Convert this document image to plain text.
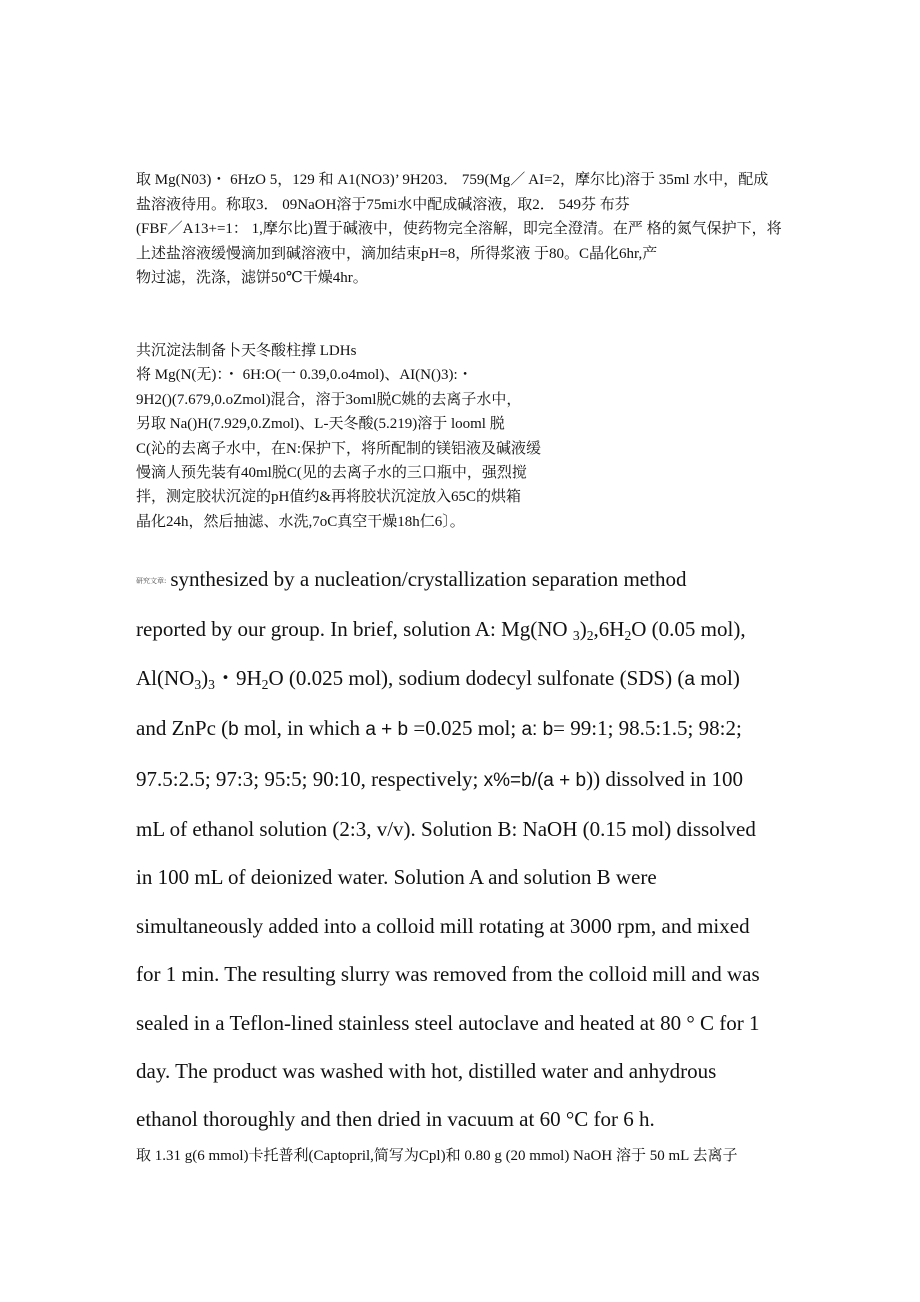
取 Mg(N03)・ 6HzO 5，129 和 A1(NO3)’ 9H203． 759(Mg／ AI=2，摩尔比)溶于 35ml 水中，配成盐溶液待用。称取3． 09NaOH溶于75mi水中配成碱溶液，取2． 549芬 布芬
(FBF／A13+=1： 1,摩尔比)置于碱液中，使药物完全溶解，即完全澄清。在严 格的氮气保护下，将上述盐溶液缓慢滴加到碱溶液中，滴加结束pH=8，所得浆液 于80。C晶化6hr,产
物过滤，洗涤，滤饼50℃干燥4hr。
共沉淀法制备卜天冬酸柱撑 LDHs
将 Mg(N(无)：・ 6H:O(一 0.39,0.o4mol)、AI(N()3):・
9H2()(7.679,0.oZmol)混合，溶于3oml脱C姚的去离子水中，
另取 Na()H(7.929,0.Zmol)、L-天冬酸(5.219)溶于 looml 脱
C(沁的去离子水中，在N:保护下，将所配制的镁铝液及碱液缓
慢滴人预先装有40ml脱C(见的去离子水的三口瓶中，强烈搅
拌，测定胶状沉淀的pH值约&再将胶状沉淀放入65C的烘箱
晶化24h，然后抽滤、水洗,7oC真空干燥18h仁6〕。
研究文章: synthesized by a nucleation/crystallization separation method
reported by our group. In brief, solution A: Mg(NO $_3)_2,6H_2O$ (0.05 mol),
$Al(NO_3)_3$・$9H_2O$ (0.025 mol), sodium dodecyl sulfonate (SDS) (a mol)
and ZnPc (b mol, in which a + b =0.025 mol; a: b= 99:1; 98.5:1.5; 98:2;
97.5:2.5; 97:3; 95:5; 90:10, respectively; x%=b/(a + b)) dissolved in 100
mL of ethanol solution (2:3, v/v). Solution B: NaOH (0.15 mol) dissolved
in 100 mL of deionized water. Solution A and solution B were
simultaneously added into a colloid mill rotating at 3000 rpm, and mixed
for 1 min. The resulting slurry was removed from the colloid mill and was
sealed in a Teflon-lined stainless steel autoclave and heated at 80 ° C for 1
day. The product was washed with hot, distilled water and anhydrous
ethanol thoroughly and then dried in vacuum at 60 °C for 6 h.
取 1.31 g(6 mmol)卡托普利(Captopril,简写为Cpl)和 0.80 g (20 mmol) NaOH 溶于 50 mL 去离子
